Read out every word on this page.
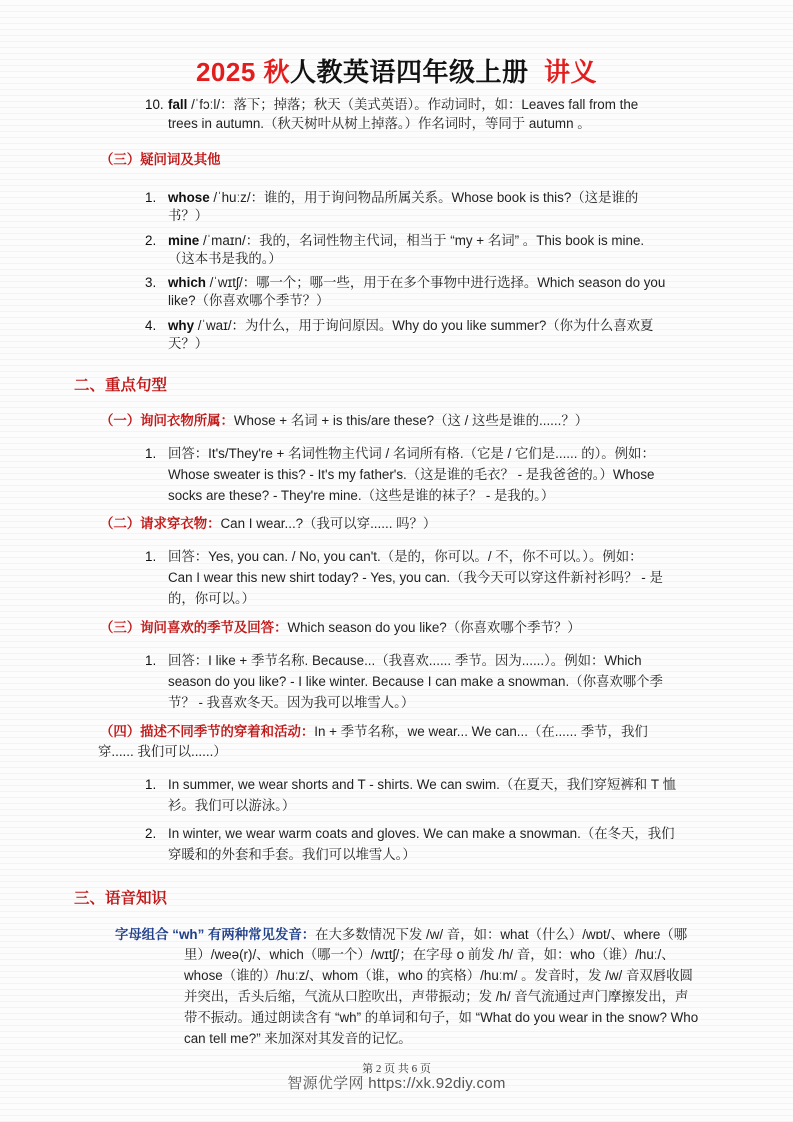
2025 秋人教英语四年级上册 讲义
10. fall /ˈfɔːl/：落下；掉落；秋天（美式英语）。作动词时，如：Leaves fall from the
trees in autumn.（秋天树叶从树上掉落。）作名词时，等同于 autumn 。
（三）疑问词及其他
1. whose /ˈhuːz/：谁的，用于询问物品所属关系。Whose book is this?（这是谁的
书？）
2. mine /ˈmaɪn/：我的，名词性物主代词，相当于 “my + 名词” 。This book is mine.
（这本书是我的。）
3. which /ˈwɪtʃ/：哪一个；哪一些，用于在多个事物中进行选择。Which season do you
like?（你喜欢哪个季节？）
4. why /ˈwaɪ/：为什么，用于询问原因。Why do you like summer?（你为什么喜欢夏
天？）
二、重点句型
（一）询问衣物所属：Whose + 名词 + is this/are these?（这 / 这些是谁的......？）
1. 回答：It's/They're + 名词性物主代词 / 名词所有格.（它是 / 它们是...... 的）。例如：
Whose sweater is this? - It's my father's.（这是谁的毛衣？ - 是我爸爸的。）Whose
socks are these? - They're mine.（这些是谁的袜子？ - 是我的。）
（二）请求穿衣物：Can I wear...?（我可以穿...... 吗？）
1. 回答：Yes, you can. / No, you can't.（是的，你可以。/ 不，你不可以。）。例如：
Can I wear this new shirt today? - Yes, you can.（我今天可以穿这件新衬衫吗？ - 是
的，你可以。）
（三）询问喜欢的季节及回答：Which season do you like?（你喜欢哪个季节？）
1. 回答：I like + 季节名称. Because...（我喜欢...... 季节。因为......）。例如：Which
season do you like? - I like winter. Because I can make a snowman.（你喜欢哪个季
节？ - 我喜欢冬天。因为我可以堆雪人。）
（四）描述不同季节的穿着和活动：In + 季节名称，we wear... We can...（在...... 季节，我们
穿...... 我们可以......）
1. In summer, we wear shorts and T - shirts. We can swim.（在夏天，我们穿短裤和 T 恤
衫。我们可以游泳。）
2. In winter, we wear warm coats and gloves. We can make a snowman.（在冬天，我们
穿暖和的外套和手套。我们可以堆雪人。）
三、语音知识
字母组合 “wh” 有两种常见发音：在大多数情况下发 /w/ 音，如：what（什么）/wɒt/、where（哪
里）/weə(r)/、which（哪一个）/wɪtʃ/；在字母 o 前发 /h/ 音，如：who（谁）/huː/、
whose（谁的）/huːz/、whom（谁，who 的宾格）/huːm/ 。发音时，发 /w/ 音双唇收圆
并突出，舌头后缩，气流从口腔吹出，声带振动；发 /h/ 音气流通过声门摩擦发出，声
带不振动。通过朗读含有 “wh” 的单词和句子，如 “What do you wear in the snow? Who
can tell me?” 来加深对其发音的记忆。
第 2 页 共 6 页
智源优学网 https://xk.92diy.com
